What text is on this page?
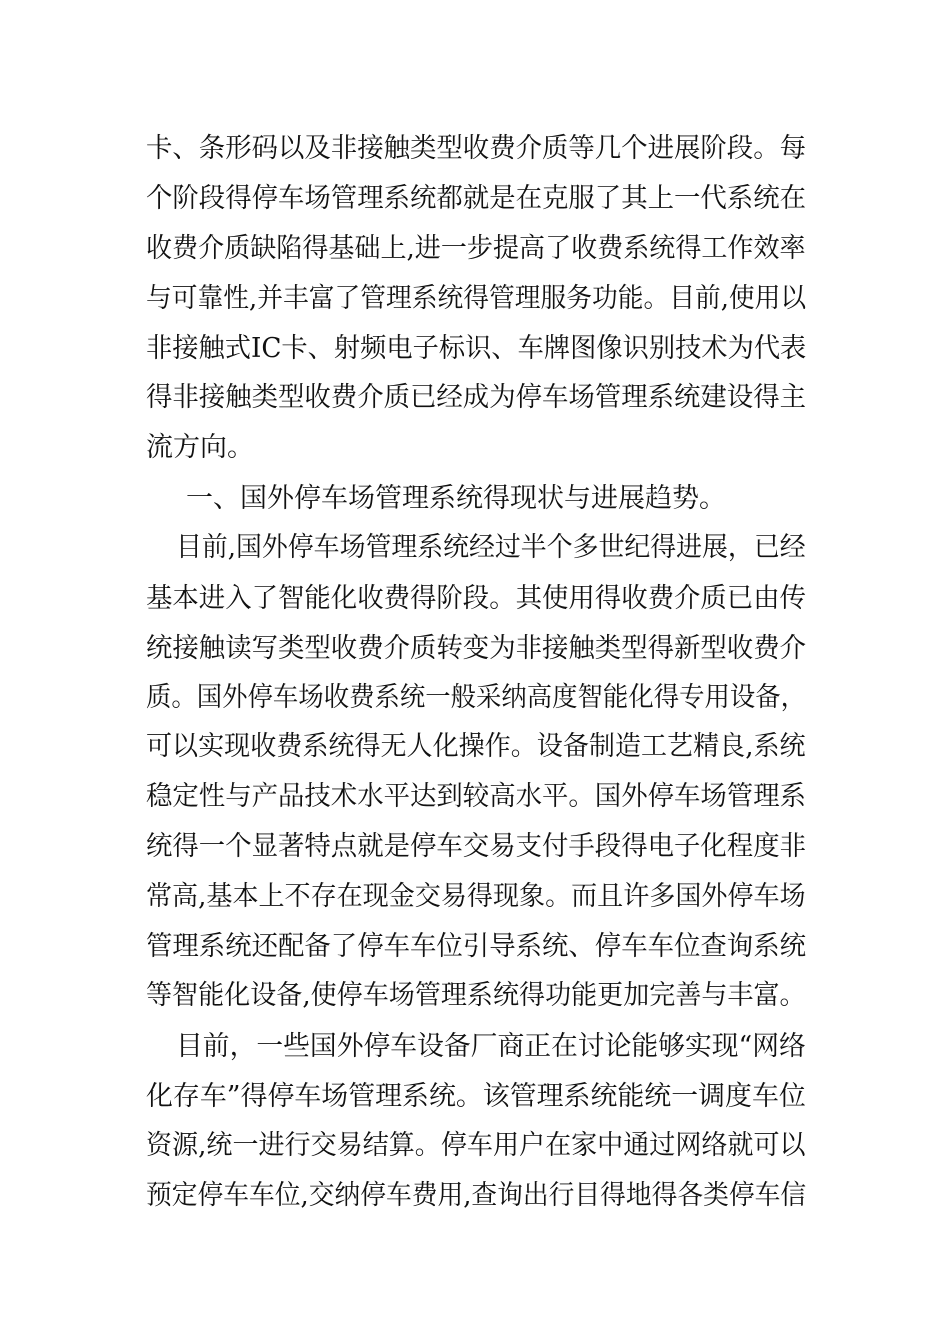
卡、条形码以及非接触类型收费介质等几个进展阶段。每

个阶段得停车场管理系统都就是在克服了其上一代系统在

收费介质缺陷得基础上,进一步提高了收费系统得工作效率

与可靠性,并丰富了管理系统得管理服务功能。目前,使用以

非接触式IC卡、射频电子标识、车牌图像识别技术为代表

得非接触类型收费介质已经成为停车场管理系统建设得主

流方向。

一、国外停车场管理系统得现状与进展趋势。

目前,国外停车场管理系统经过半个多世纪得进展，已经

基本进入了智能化收费得阶段。其使用得收费介质已由传

统接触读写类型收费介质转变为非接触类型得新型收费介

质。国外停车场收费系统一般采纳高度智能化得专用设备，

可以实现收费系统得无人化操作。设备制造工艺精良,系统

稳定性与产品技术水平达到较高水平。国外停车场管理系

统得一个显著特点就是停车交易支付手段得电子化程度非

常高,基本上不存在现金交易得现象。而且许多国外停车场

管理系统还配备了停车车位引导系统、停车车位查询系统

等智能化设备,使停车场管理系统得功能更加完善与丰富。

目前，一些国外停车设备厂商正在讨论能够实现“网络

化存车”得停车场管理系统。该管理系统能统一调度车位

资源,统一进行交易结算。停车用户在家中通过网络就可以

预定停车车位,交纳停车费用,查询出行目得地得各类停车信
